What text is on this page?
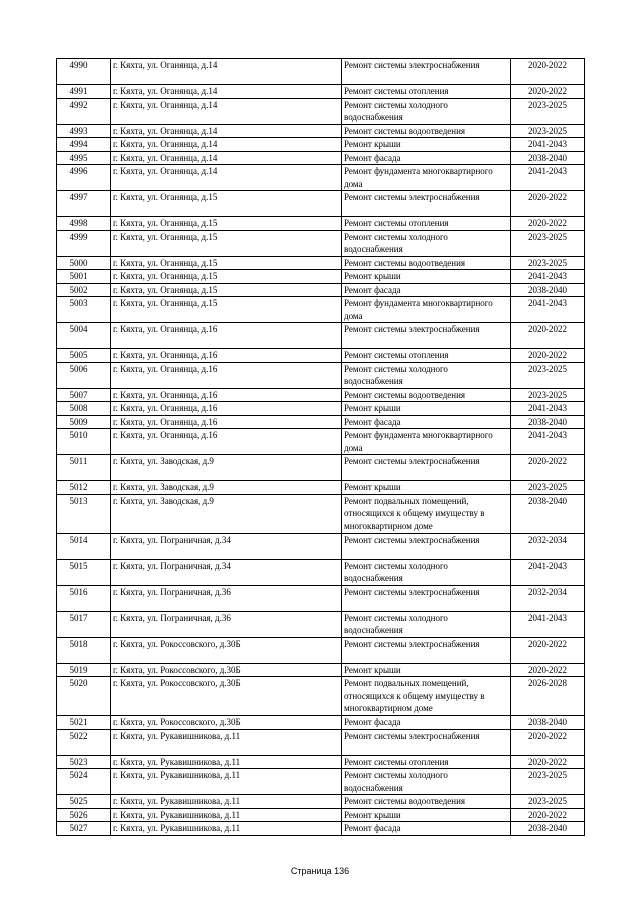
4990	г. Кяхта, ул. Оганянца, д.14	Ремонт системы электроснабжения	2020-2022
4991	г. Кяхта, ул. Оганянца, д.14	Ремонт системы отопления	2020-2022
4992	г. Кяхта, ул. Оганянца, д.14	Ремонт системы холодного водоснабжения	2023-2025
4993	г. Кяхта, ул. Оганянца, д.14	Ремонт системы водоотведения	2023-2025
4994	г. Кяхта, ул. Оганянца, д.14	Ремонт крыши	2041-2043
4995	г. Кяхта, ул. Оганянца, д.14	Ремонт фасада	2038-2040
4996	г. Кяхта, ул. Оганянца, д.14	Ремонт фундамента многоквартирного дома	2041-2043
4997	г. Кяхта, ул. Оганянца, д.15	Ремонт системы электроснабжения	2020-2022
4998	г. Кяхта, ул. Оганянца, д.15	Ремонт системы отопления	2020-2022
4999	г. Кяхта, ул. Оганянца, д.15	Ремонт системы холодного водоснабжения	2023-2025
5000	г. Кяхта, ул. Оганянца, д.15	Ремонт системы водоотведения	2023-2025
5001	г. Кяхта, ул. Оганянца, д.15	Ремонт крыши	2041-2043
5002	г. Кяхта, ул. Оганянца, д.15	Ремонт фасада	2038-2040
5003	г. Кяхта, ул. Оганянца, д.15	Ремонт фундамента многоквартирного дома	2041-2043
5004	г. Кяхта, ул. Оганянца, д.16	Ремонт системы электроснабжения	2020-2022
5005	г. Кяхта, ул. Оганянца, д.16	Ремонт системы отопления	2020-2022
5006	г. Кяхта, ул. Оганянца, д.16	Ремонт системы холодного водоснабжения	2023-2025
5007	г. Кяхта, ул. Оганянца, д.16	Ремонт системы водоотведения	2023-2025
5008	г. Кяхта, ул. Оганянца, д.16	Ремонт крыши	2041-2043
5009	г. Кяхта, ул. Оганянца, д.16	Ремонт фасада	2038-2040
5010	г. Кяхта, ул. Оганянца, д.16	Ремонт фундамента многоквартирного дома	2041-2043
5011	г. Кяхта, ул. Заводская, д.9	Ремонт системы электроснабжения	2020-2022
5012	г. Кяхта, ул. Заводская, д.9	Ремонт крыши	2023-2025
5013	г. Кяхта, ул. Заводская, д.9	Ремонт подвальных помещений, относящихся к общему имуществу в многоквартирном доме	2038-2040
5014	г. Кяхта, ул. Пограничная, д.34	Ремонт системы электроснабжения	2032-2034
5015	г. Кяхта, ул. Пограничная, д.34	Ремонт системы холодного водоснабжения	2041-2043
5016	г. Кяхта, ул. Пограничная, д.36	Ремонт системы электроснабжения	2032-2034
5017	г. Кяхта, ул. Пограничная, д.36	Ремонт системы холодного водоснабжения	2041-2043
5018	г. Кяхта, ул. Рокоссовского, д.30Б	Ремонт системы электроснабжения	2020-2022
5019	г. Кяхта, ул. Рокоссовского, д.30Б	Ремонт крыши	2020-2022
5020	г. Кяхта, ул. Рокоссовского, д.30Б	Ремонт подвальных помещений, относящихся к общему имуществу в многоквартирном доме	2026-2028
5021	г. Кяхта, ул. Рокоссовского, д.30Б	Ремонт фасада	2038-2040
5022	г. Кяхта, ул. Рукавишникова, д.11	Ремонт системы электроснабжения	2020-2022
5023	г. Кяхта, ул. Рукавишникова, д.11	Ремонт системы отопления	2020-2022
5024	г. Кяхта, ул. Рукавишникова, д.11	Ремонт системы холодного водоснабжения	2023-2025
5025	г. Кяхта, ул. Рукавишникова, д.11	Ремонт системы водоотведения	2023-2025
5026	г. Кяхта, ул. Рукавишникова, д.11	Ремонт крыши	2020-2022
5027	г. Кяхта, ул. Рукавишникова, д.11	Ремонт фасада	2038-2040
Страница 136
